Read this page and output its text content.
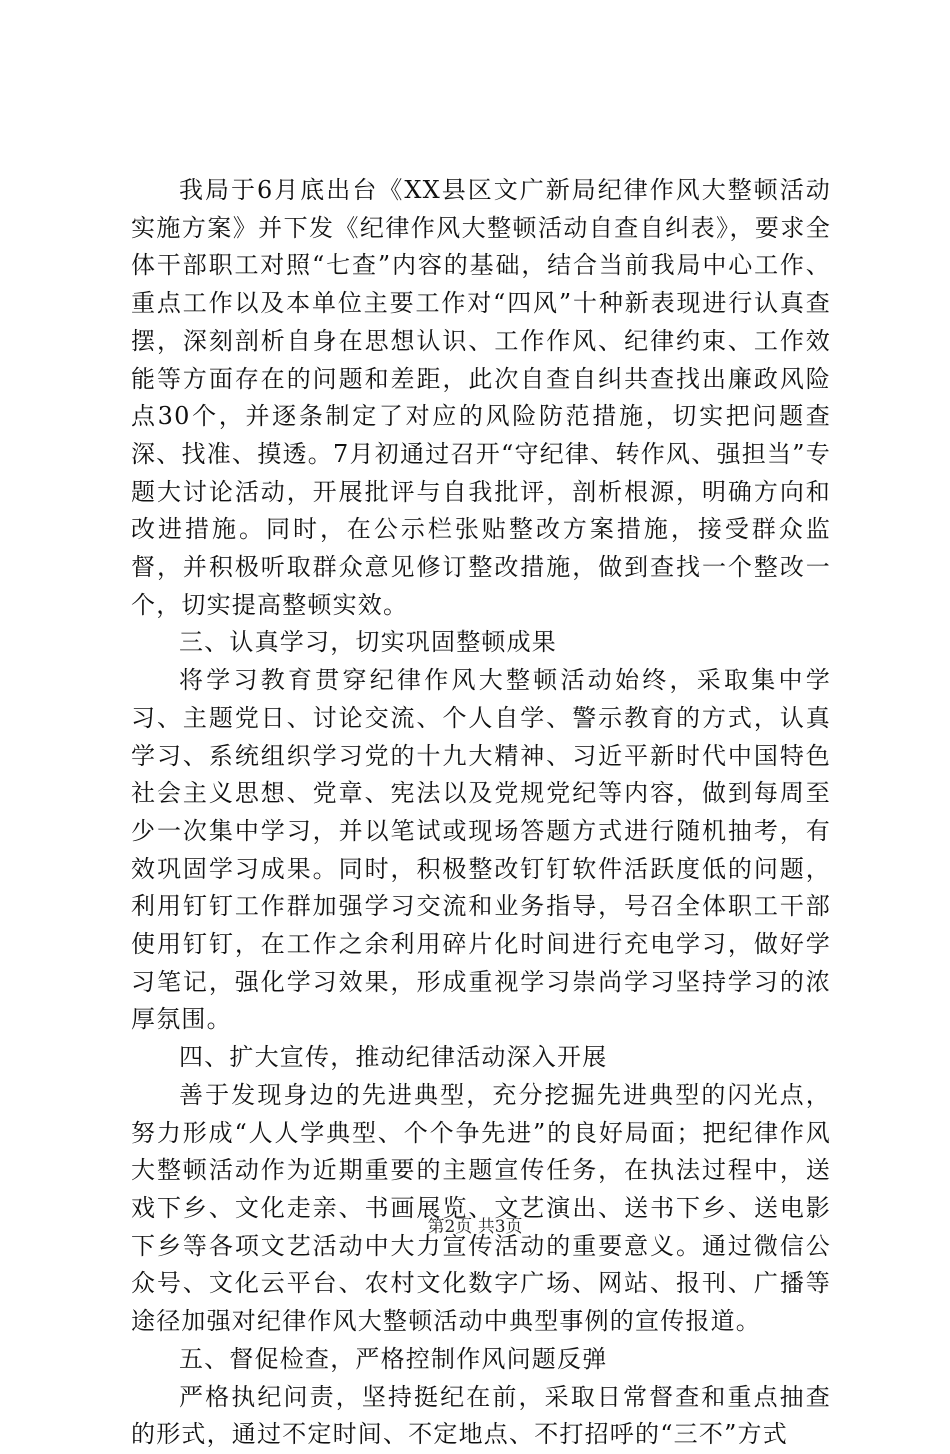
我局于6月底出台《XX县区文广新局纪律作风大整顿活动实施方案》并下发《纪律作风大整顿活动自查自纠表》，要求全体干部职工对照“七查”内容的基础，结合当前我局中心工作、重点工作以及本单位主要工作对“四风”十种新表现进行认真查摆，深刻剖析自身在思想认识、工作作风、纪律约束、工作效能等方面存在的问题和差距，此次自查自纠共查找出廉政风险点30个，并逐条制定了对应的风险防范措施，切实把问题查深、找准、摸透。7月初通过召开“守纪律、转作风、强担当”专题大讨论活动，开展批评与自我批评，剖析根源，明确方向和改进措施。同时，在公示栏张贴整改方案措施，接受群众监督，并积极听取群众意见修订整改措施，做到查找一个整改一个，切实提高整顿实效。

三、认真学习，切实巩固整顿成果

将学习教育贯穿纪律作风大整顿活动始终，采取集中学习、主题党日、讨论交流、个人自学、警示教育的方式，认真学习、系统组织学习党的十九大精神、习近平新时代中国特色社会主义思想、党章、宪法以及党规党纪等内容，做到每周至少一次集中学习，并以笔试或现场答题方式进行随机抽考，有效巩固学习成果。同时，积极整改钉钉软件活跃度低的问题，利用钉钉工作群加强学习交流和业务指导，号召全体职工干部使用钉钉，在工作之余利用碎片化时间进行充电学习，做好学习笔记，强化学习效果，形成重视学习崇尚学习坚持学习的浓厚氛围。

四、扩大宣传，推动纪律活动深入开展

善于发现身边的先进典型，充分挖掘先进典型的闪光点，努力形成“人人学典型、个个争先进”的良好局面；把纪律作风大整顿活动作为近期重要的主题宣传任务，在执法过程中，送戏下乡、文化走亲、书画展览、文艺演出、送书下乡、送电影下乡等各项文艺活动中大力宣传活动的重要意义。通过微信公众号、文化云平台、农村文化数字广场、网站、报刊、广播等途径加强对纪律作风大整顿活动中典型事例的宣传报道。

五、督促检查，严格控制作风问题反弹

严格执纪问责，坚持挺纪在前，采取日常督查和重点抽查的形式，通过不定时间、不定地点、不打招呼的“三不”方式

第2页 共3页
